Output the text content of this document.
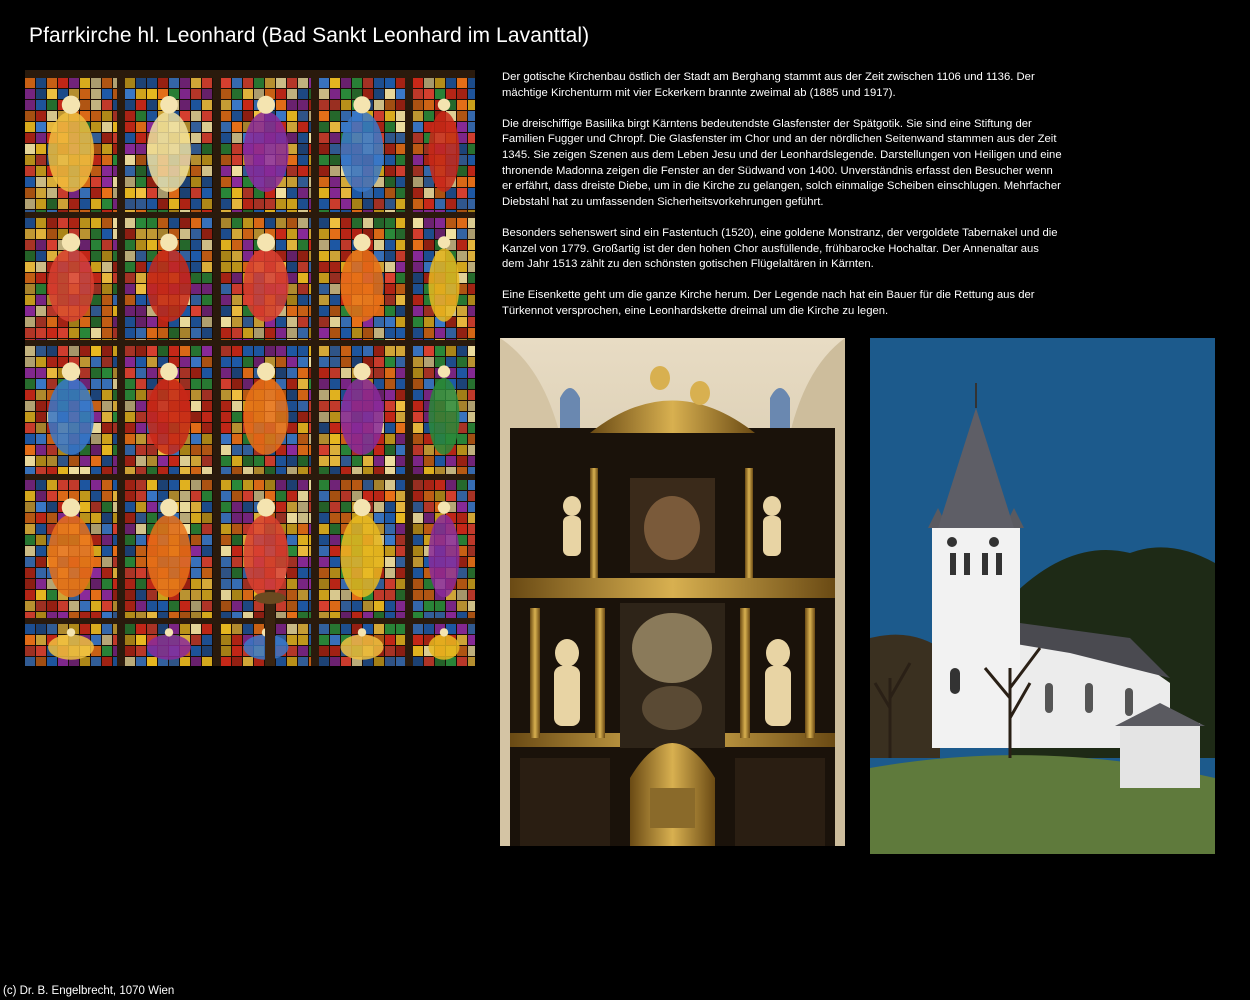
Pfarrkirche hl. Leonhard (Bad Sankt Leonhard im Lavanttal)

Der gotische Kirchenbau östlich der Stadt am Berghang stammt aus der Zeit zwischen 1106 und 1136. Der mächtige Kirchenturm mit vier Eckerkern brannte zweimal ab (1885 und 1917).

Die dreischiffige Basilika birgt Kärntens bedeutendste Glasfenster der Spätgotik. Sie sind eine Stiftung der Familien Fugger und Chropf. Die Glasfenster im Chor und an der nördlichen Seitenwand stammen aus der Zeit 1345. Sie zeigen Szenen aus dem Leben Jesu und der Leonhardslegende. Darstellungen von Heiligen und eine thronende Madonna zeigen die Fenster an der Südwand von 1400. Unverständnis erfasst den Besucher wenn er erfährt, dass dreiste Diebe, um in die Kirche zu gelangen, solch einmalige Scheiben einschlugen. Mehrfacher Diebstahl hat zu umfassenden Sicherheitsvorkehrungen geführt.

Besonders sehenswert sind ein Fastentuch (1520), eine goldene Monstranz, der vergoldete Tabernakel und die Kanzel von 1779. Großartig ist der den hohen Chor ausfüllende, frühbarocke Hochaltar. Der Annenaltar aus dem Jahr 1513 zählt zu den schönsten gotischen Flügelaltären in Kärnten.

Eine Eisenkette geht um die ganze Kirche herum. Der Legende nach hat ein Bauer für die Rettung aus der Türkennot versprochen, eine Leonhardskette dreimal um die Kirche zu legen.

(c) Dr. B. Engelbrecht, 1070 Wien
